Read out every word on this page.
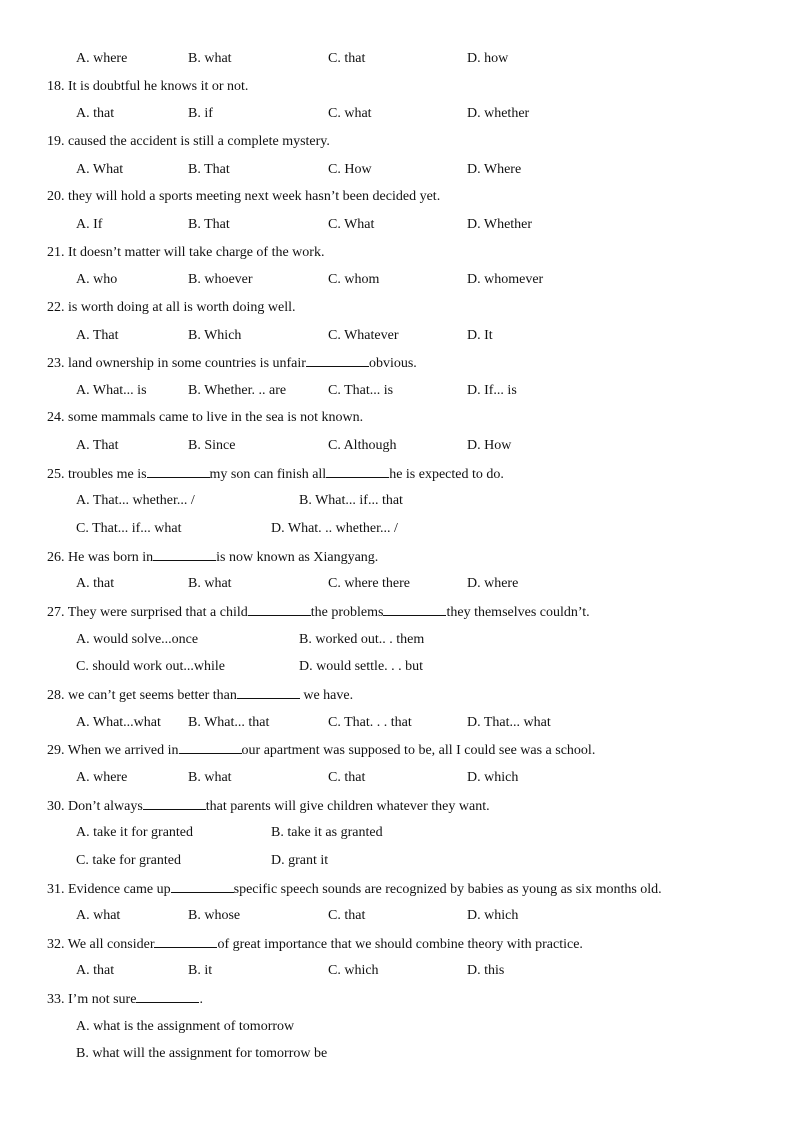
A. where	B. what	C. that	D. how
18. It is doubtful he knows it or not.
A. that	B. if	C. what	D. whether
19. caused the accident is still a complete mystery.
A. What	B. That	C. How	D. Where
20. they will hold a sports meeting next week hasn’t been decided yet.
A. If	B. That	C. What	D. Whether
21. It doesn’t matter will take charge of the work.
A. who	B. whoever	C. whom	D. whomever
22. is worth doing at all is worth doing well.
A. That	B. Which	C. Whatever	D. It
23. land ownership in some countries is unfair	obvious.
A. What... is	B. Whether. .. are	C. That... is	D. If... is
24. some mammals came to live in the sea is not known.
A. That	B. Since	C. Although	D. How
25. troubles me is	my son can finish all	he is expected to do.
A. That... whether... /	B. What... if... that
C. That... if... what	D. What. .. whether... /
26. He was born in	is now known as Xiangyang.
A. that	B. what	C. where there	D. where
27. They were surprised that a child	the problems	they themselves couldn’t.
A. would solve...once	B. worked out.. . them
C. should work out...while	D. would settle. . . but
28. we can’t get seems better than	we have.
A. What...what B. What... that	C. That. . . that	D. That... what
29. When we arrived in	our apartment was supposed to be, all I could see was a school.
A. where	B. what	C. that	D. which
30. Don’t always	that parents will give children whatever they want.
A. take it for granted	B. take it as granted
C. take for granted	D. grant it
31. Evidence came up	specific speech sounds are recognized by babies as young as six months old.
A. what	B. whose	C. that	D. which
32. We all consider	of great importance that we should combine theory with practice.
A. that	B. it	C. which	D. this
33. I’m not sure	.
A. what is the assignment of tomorrow
B. what will the assignment for tomorrow be
